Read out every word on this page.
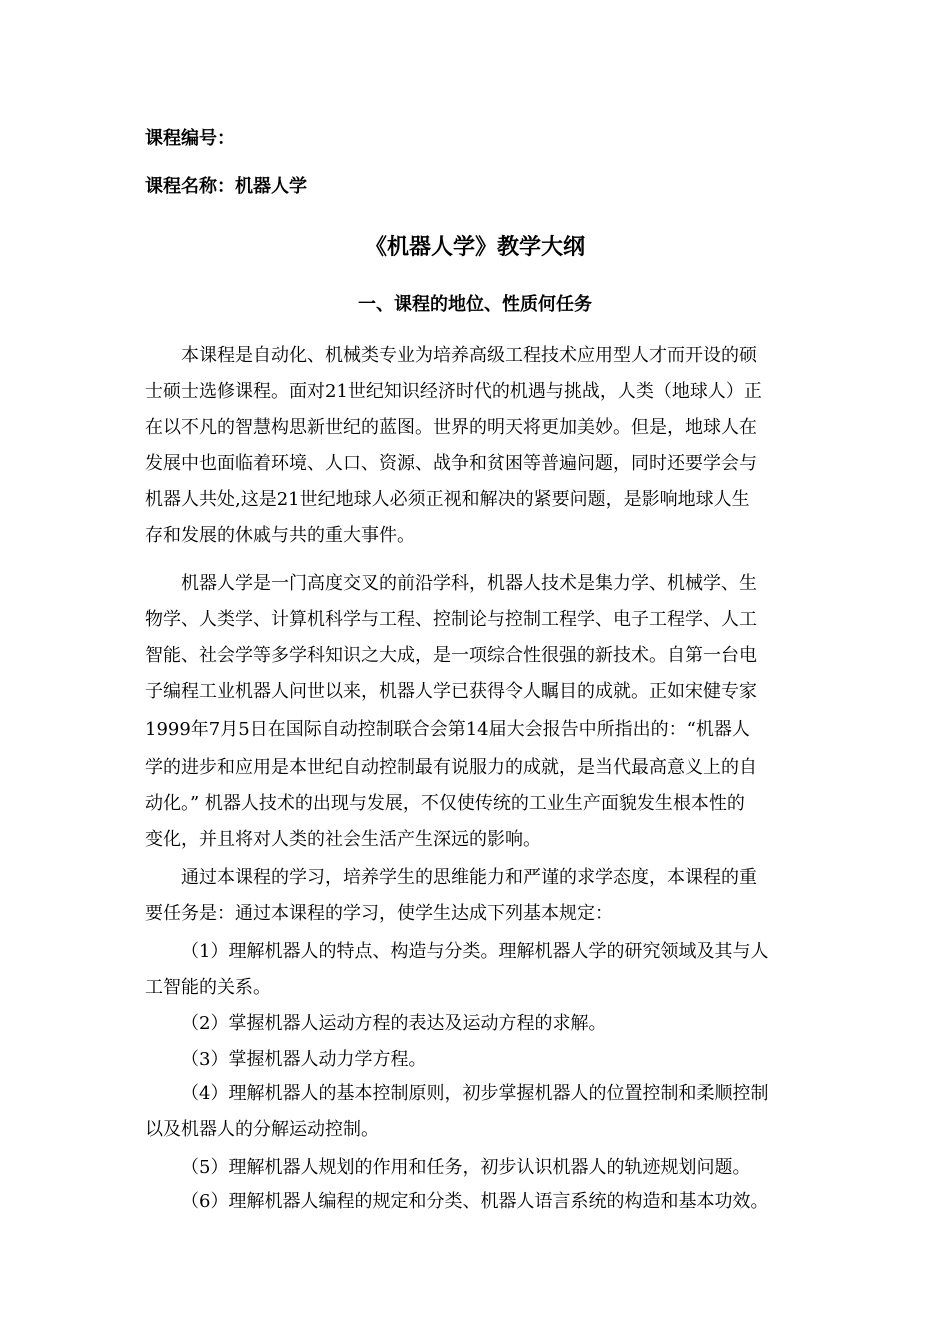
课程编号：
课程名称：机器人学
《机器人学》教学大纲
一、课程的地位、性质何任务
本课程是自动化、机械类专业为培养高级工程技术应用型人才而开设的硕
士硕士选修课程。面对21世纪知识经济时代的机遇与挑战，人类（地球人）正
在以不凡的智慧构思新世纪的蓝图。世界的明天将更加美妙。但是，地球人在
发展中也面临着环境、人口、资源、战争和贫困等普遍问题，同时还要学会与
机器人共处,这是21世纪地球人必须正视和解决的紧要问题，是影响地球人生
存和发展的休戚与共的重大事件。
机器人学是一门高度交叉的前沿学科，机器人技术是集力学、机械学、生
物学、人类学、计算机科学与工程、控制论与控制工程学、电子工程学、人工
智能、社会学等多学科知识之大成，是一项综合性很强的新技术。自第一台电
子编程工业机器人问世以来，机器人学已获得令人瞩目的成就。正如宋健专家
1999年7月5日在国际自动控制联合会第14届大会报告中所指出的：“机器人
学的进步和应用是本世纪自动控制最有说服力的成就，是当代最高意义上的自
动化。” 机器人技术的出现与发展，不仅使传统的工业生产面貌发生根本性的
变化，并且将对人类的社会生活产生深远的影响。
通过本课程的学习，培养学生的思维能力和严谨的求学态度，本课程的重
要任务是：通过本课程的学习，使学生达成下列基本规定：
（1）理解机器人的特点、构造与分类。理解机器人学的研究领域及其与人
工智能的关系。
（2）掌握机器人运动方程的表达及运动方程的求解。
（3）掌握机器人动力学方程。
（4）理解机器人的基本控制原则，初步掌握机器人的位置控制和柔顺控制
以及机器人的分解运动控制。
（5）理解机器人规划的作用和任务，初步认识机器人的轨迹规划问题。
（6）理解机器人编程的规定和分类、机器人语言系统的构造和基本功效。
